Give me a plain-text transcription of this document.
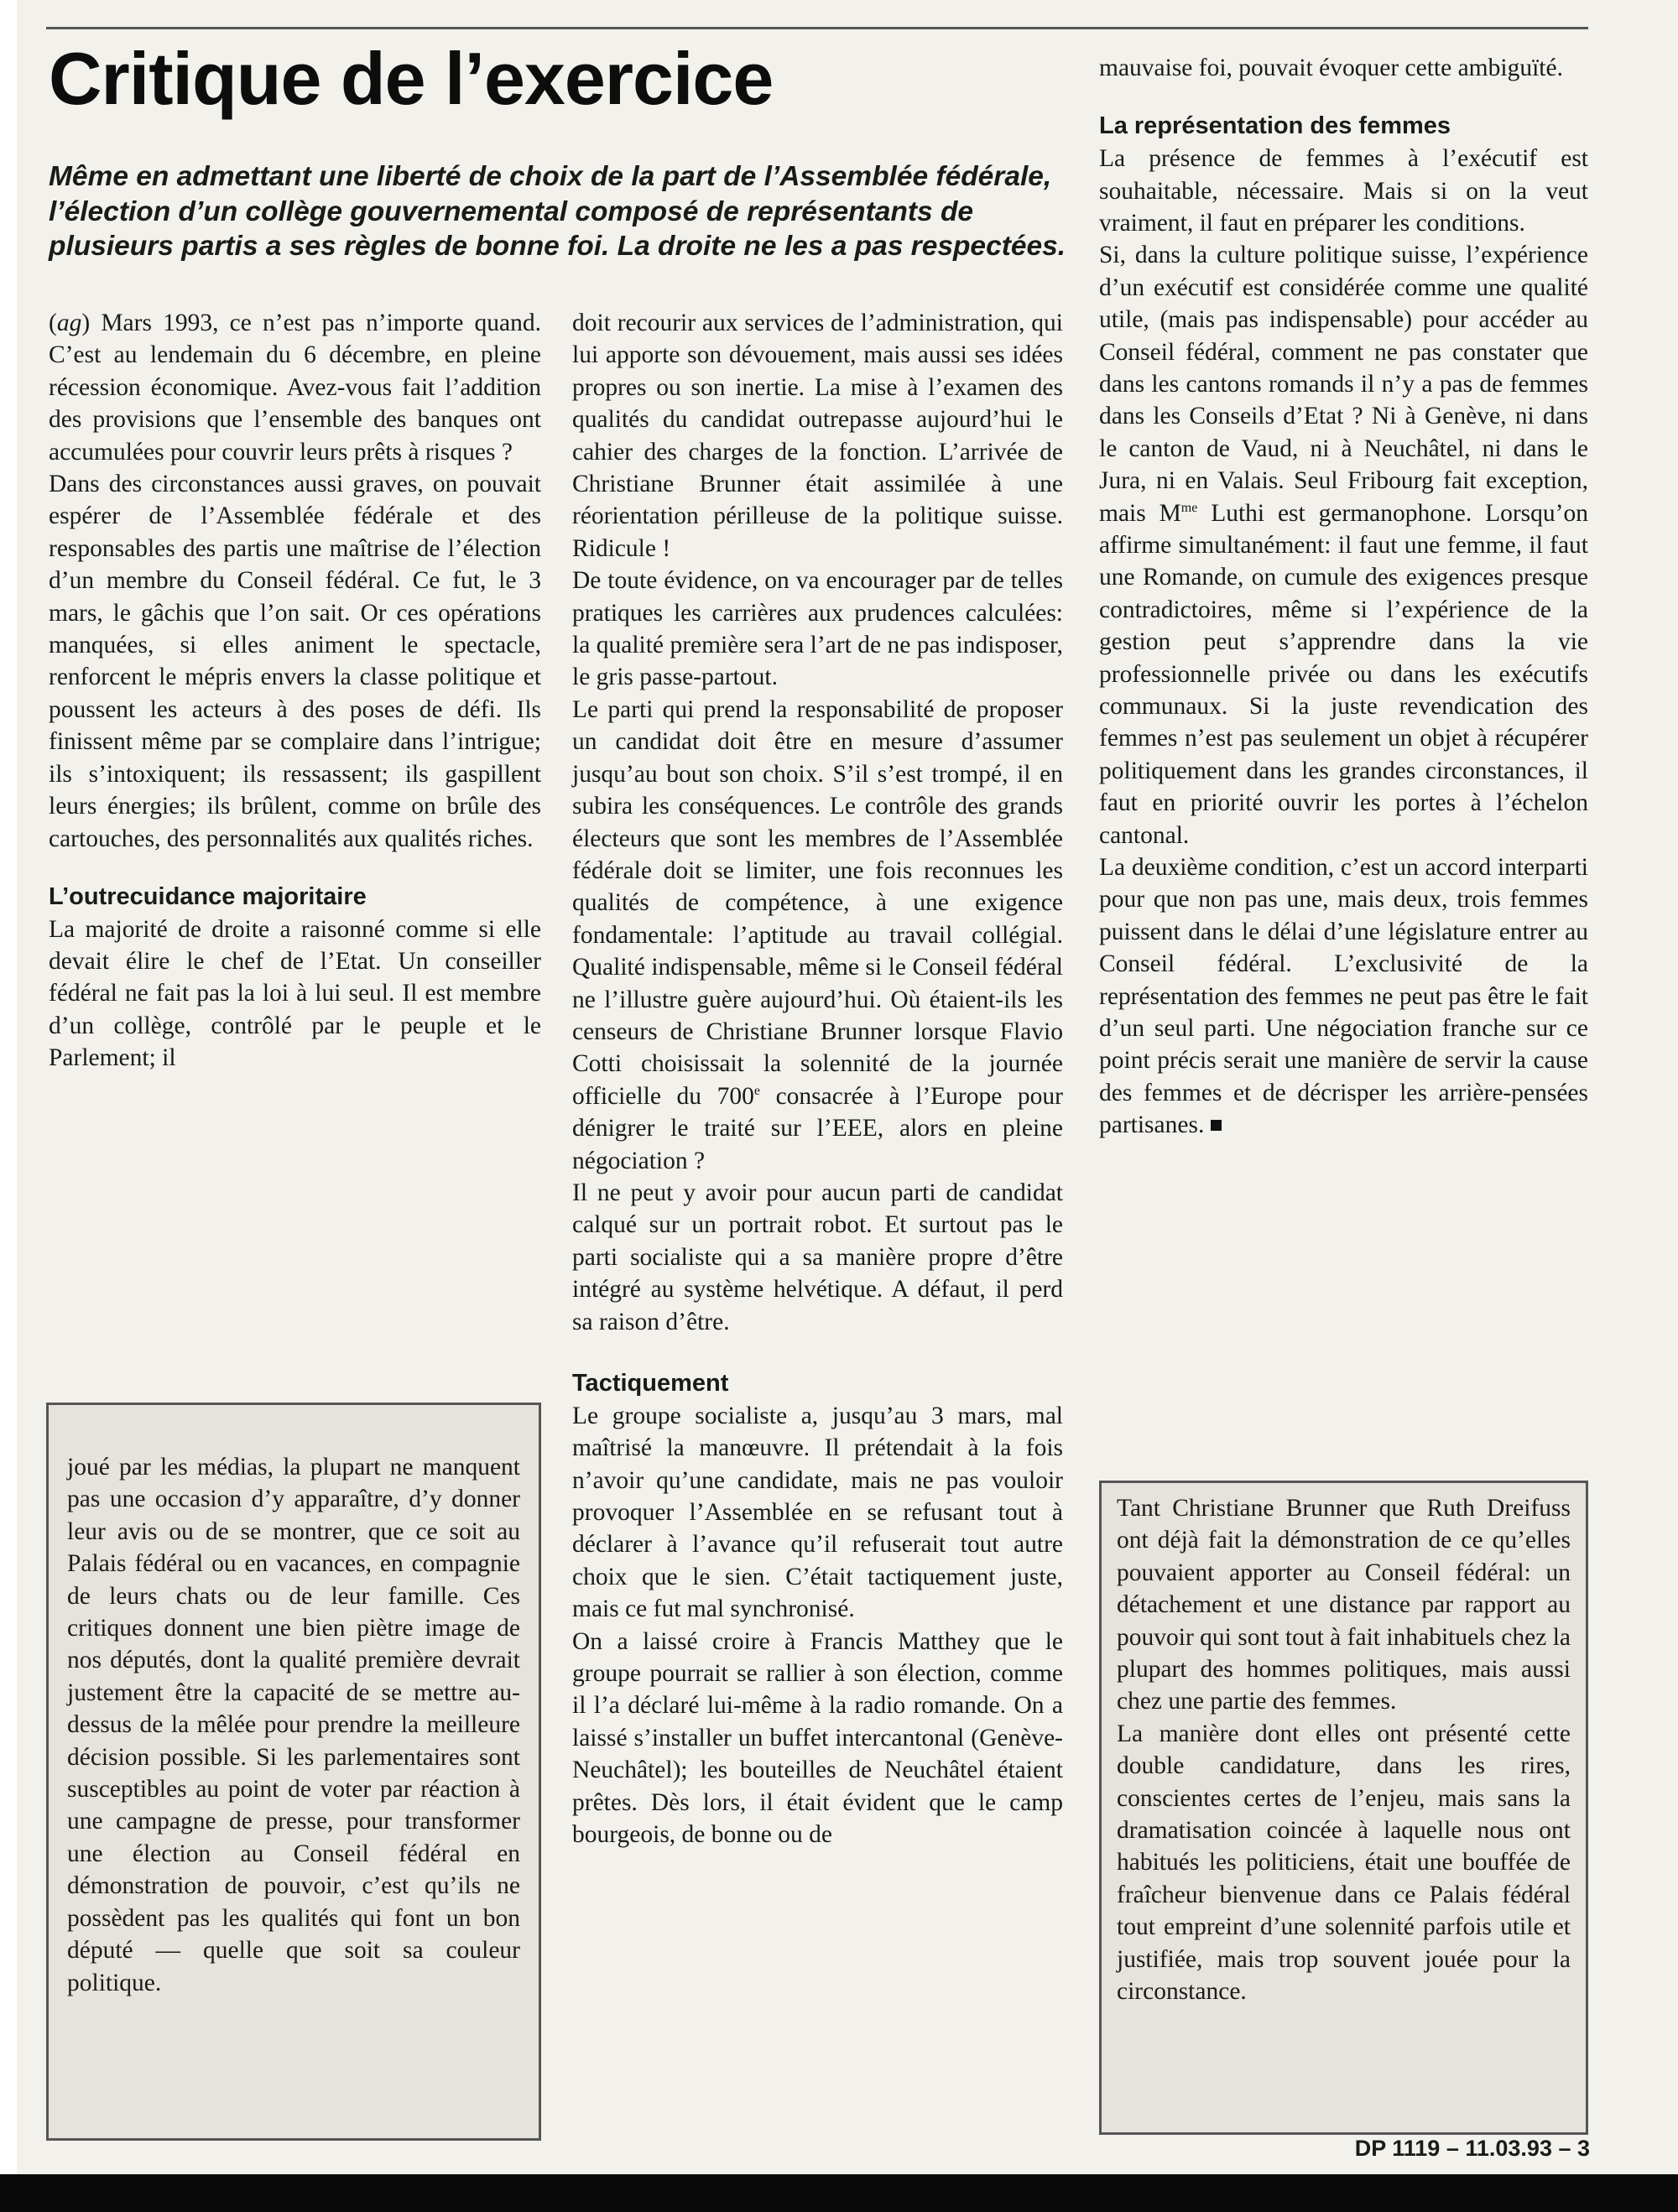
Critique de l’exercice

Même en admettant une liberté de choix de la part de l’Assemblée fédérale, l’élection d’un collège gouvernemental composé de représentants de plusieurs partis a ses règles de bonne foi. La droite ne les a pas respectées.

(ag) Mars 1993, ce n’est pas n’importe quand. C’est au lendemain du 6 décembre, en pleine récession économique. Avez-vous fait l’addition des provisions que l’ensemble des banques ont accumulées pour couvrir leurs prêts à risques ?

Dans des circonstances aussi graves, on pouvait espérer de l’Assemblée fédérale et des responsables des partis une maîtrise de l’élection d’un membre du Conseil fédéral. Ce fut, le 3 mars, le gâchis que l’on sait. Or ces opérations manquées, si elles animent le spectacle, renforcent le mépris envers la classe politique et poussent les acteurs à des poses de défi. Ils finissent même par se complaire dans l’intrigue; ils s’intoxiquent; ils ressassent; ils gaspillent leurs énergies; ils brûlent, comme on brûle des cartouches, des personnalités aux qualités riches.

L’outrecuidance majoritaire

La majorité de droite a raisonné comme si elle devait élire le chef de l’Etat. Un conseiller fédéral ne fait pas la loi à lui seul. Il est membre d’un collège, contrôlé par le peuple et le Parlement; il

doit recourir aux services de l’administration, qui lui apporte son dévouement, mais aussi ses idées propres ou son inertie. La mise à l’examen des qualités du candidat outrepasse aujourd’hui le cahier des charges de la fonction. L’arrivée de Christiane Brunner était assimilée à une réorientation périlleuse de la politique suisse. Ridicule !

De toute évidence, on va encourager par de telles pratiques les carrières aux prudences calculées: la qualité première sera l’art de ne pas indisposer, le gris passe-partout.

Le parti qui prend la responsabilité de proposer un candidat doit être en mesure d’assumer jusqu’au bout son choix. S’il s’est trompé, il en subira les conséquences. Le contrôle des grands électeurs que sont les membres de l’Assemblée fédérale doit se limiter, une fois reconnues les qualités de compétence, à une exigence fondamentale: l’aptitude au travail collégial. Qualité indispensable, même si le Conseil fédéral ne l’illustre guère aujourd’hui. Où étaient-ils les censeurs de Christiane Brunner lorsque Flavio Cotti choisissait la solennité de la journée officielle du 700e consacrée à l’Europe pour dénigrer le traité sur l’EEE, alors en pleine négociation ?

Il ne peut y avoir pour aucun parti de candidat calqué sur un portrait robot. Et surtout pas le parti socialiste qui a sa manière propre d’être intégré au système helvétique. A défaut, il perd sa raison d’être.

Tactiquement

Le groupe socialiste a, jusqu’au 3 mars, mal maîtrisé la manœuvre. Il prétendait à la fois n’avoir qu’une candidate, mais ne pas vouloir provoquer l’Assemblée en se refusant tout à déclarer à l’avance qu’il refuserait tout autre choix que le sien. C’était tactiquement juste, mais ce fut mal synchronisé.

On a laissé croire à Francis Matthey que le groupe pourrait se rallier à son élection, comme il l’a déclaré lui-même à la radio romande. On a laissé s’installer un buffet intercantonal (Genève-Neuchâtel); les bouteilles de Neuchâtel étaient prêtes. Dès lors, il était évident que le camp bourgeois, de bonne ou de

mauvaise foi, pouvait évoquer cette ambiguïté.

La représentation des femmes

La présence de femmes à l’exécutif est souhaitable, nécessaire. Mais si on la veut vraiment, il faut en préparer les conditions.

Si, dans la culture politique suisse, l’expérience d’un exécutif est considérée comme une qualité utile, (mais pas indispensable) pour accéder au Conseil fédéral, comment ne pas constater que dans les cantons romands il n’y a pas de femmes dans les Conseils d’Etat ? Ni à Genève, ni dans le canton de Vaud, ni à Neuchâtel, ni dans le Jura, ni en Valais. Seul Fribourg fait exception, mais $M^{me}$ Luthi est germanophone. Lorsqu’on affirme simultanément: il faut une femme, il faut une Romande, on cumule des exigences presque contradictoires, même si l’expérience de la gestion peut s’apprendre dans la vie professionnelle privée ou dans les exécutifs communaux. Si la juste revendication des femmes n’est pas seulement un objet à récupérer politiquement dans les grandes circonstances, il faut en priorité ouvrir les portes à l’échelon cantonal.

La deuxième condition, c’est un accord interparti pour que non pas une, mais deux, trois femmes puissent dans le délai d’une législature entrer au Conseil fédéral. L’exclusivité de la représentation des femmes ne peut pas être le fait d’un seul parti. Une négociation franche sur ce point précis serait une manière de servir la cause des femmes et de décrisper les arrière-pensées partisanes.

joué par les médias, la plupart ne manquent pas une occasion d’y apparaître, d’y donner leur avis ou de se montrer, que ce soit au Palais fédéral ou en vacances, en compagnie de leurs chats ou de leur famille. Ces critiques donnent une bien piètre image de nos députés, dont la qualité première devrait justement être la capacité de se mettre au-dessus de la mêlée pour prendre la meilleure décision possible. Si les parlementaires sont susceptibles au point de voter par réaction à une campagne de presse, pour transformer une élection au Conseil fédéral en démonstration de pouvoir, c’est qu’ils ne possèdent pas les qualités qui font un bon député — quelle que soit sa couleur politique.

Tant Christiane Brunner que Ruth Dreifuss ont déjà fait la démonstration de ce qu’elles pouvaient apporter au Conseil fédéral: un détachement et une distance par rapport au pouvoir qui sont tout à fait inhabituels chez la plupart des hommes politiques, mais aussi chez une partie des femmes.

La manière dont elles ont présenté cette double candidature, dans les rires, conscientes certes de l’enjeu, mais sans la dramatisation coincée à laquelle nous ont habitués les politiciens, était une bouffée de fraîcheur bienvenue dans ce Palais fédéral tout empreint d’une solennité parfois utile et justifiée, mais trop souvent jouée pour la circonstance.

DP 1119 – 11.03.93 – 3
